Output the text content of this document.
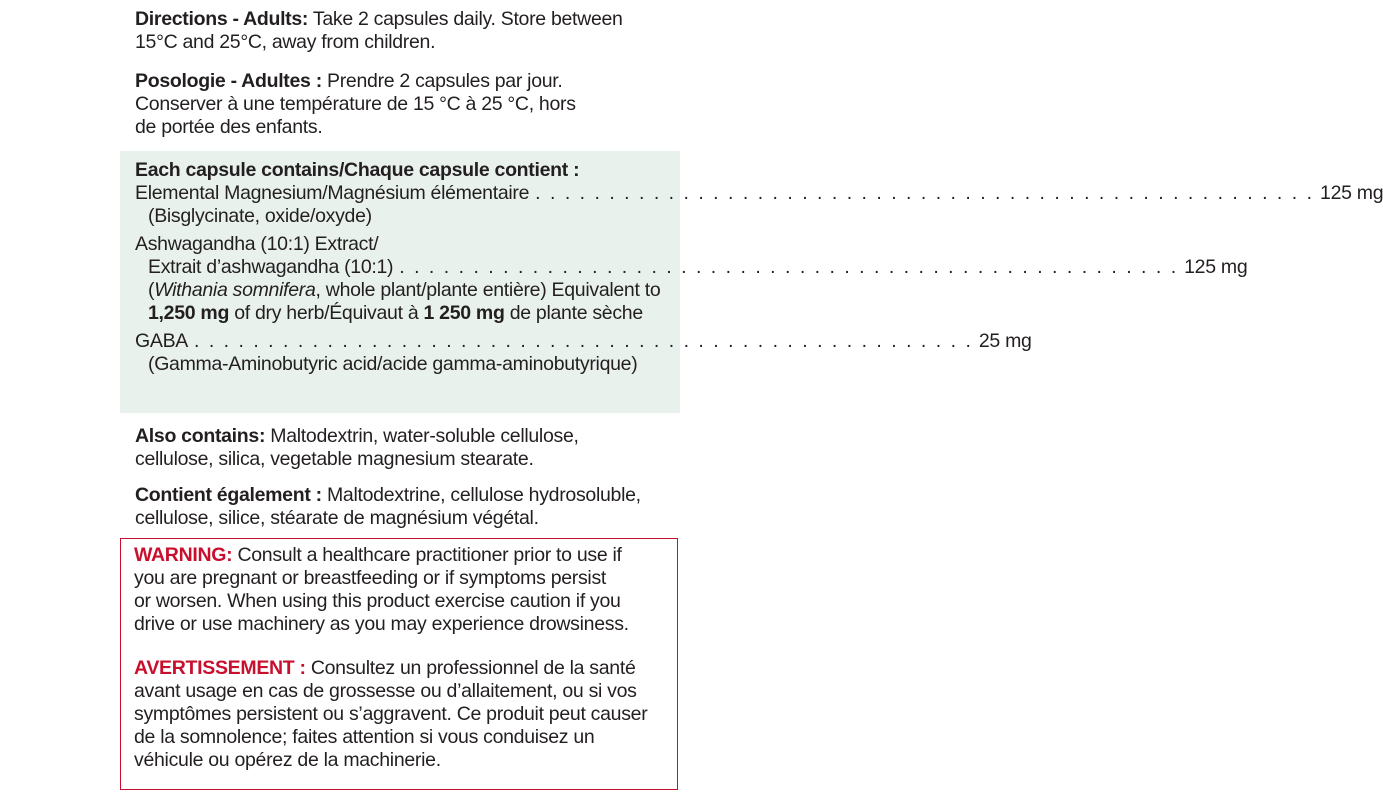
Directions - Adults: Take 2 capsules daily. Store between
15°C and 25°C, away from children.
Posologie - Adultes : Prendre 2 capsules par jour.
Conserver à une température de 15 °C à 25 °C, hors
de portée des enfants.
Each capsule contains/Chaque capsule contient :
Elemental Magnesium/Magnésium élémentaire . . . . . . . . . . . . . . . . . . . . . . . . . . . . . . . . . . . . . . . . . . . . . . . . . . . . . 125 mg
(Bisglycinate, oxide/oxyde)
Ashwagandha (10:1) Extract/
Extrait d’ashwagandha (10:1) . . . . . . . . . . . . . . . . . . . . . . . . . . . . . . . . . . . . . . . . . . . . . . . . . . . . . 125 mg
(Withania somnifera, whole plant/plante entière) Equivalent to
1,250 mg of dry herb/Équivaut à 1 250 mg de plante sèche
GABA . . . . . . . . . . . . . . . . . . . . . . . . . . . . . . . . . . . . . . . . . . . . . . . . . . . . . 25 mg
(Gamma-Aminobutyric acid/acide gamma-aminobutyrique)
Also contains: Maltodextrin, water-soluble cellulose,
cellulose, silica, vegetable magnesium stearate.
Contient également : Maltodextrine, cellulose hydrosoluble,
cellulose, silice, stéarate de magnésium végétal.
WARNING: Consult a healthcare practitioner prior to use if
you are pregnant or breastfeeding or if symptoms persist
or worsen. When using this product exercise caution if you
drive or use machinery as you may experience drowsiness.
AVERTISSEMENT : Consultez un professionnel de la santé
avant usage en cas de grossesse ou d’allaitement, ou si vos
symptômes persistent ou s’aggravent. Ce produit peut causer
de la somnolence; faites attention si vous conduisez un
véhicule ou opérez de la machinerie.
